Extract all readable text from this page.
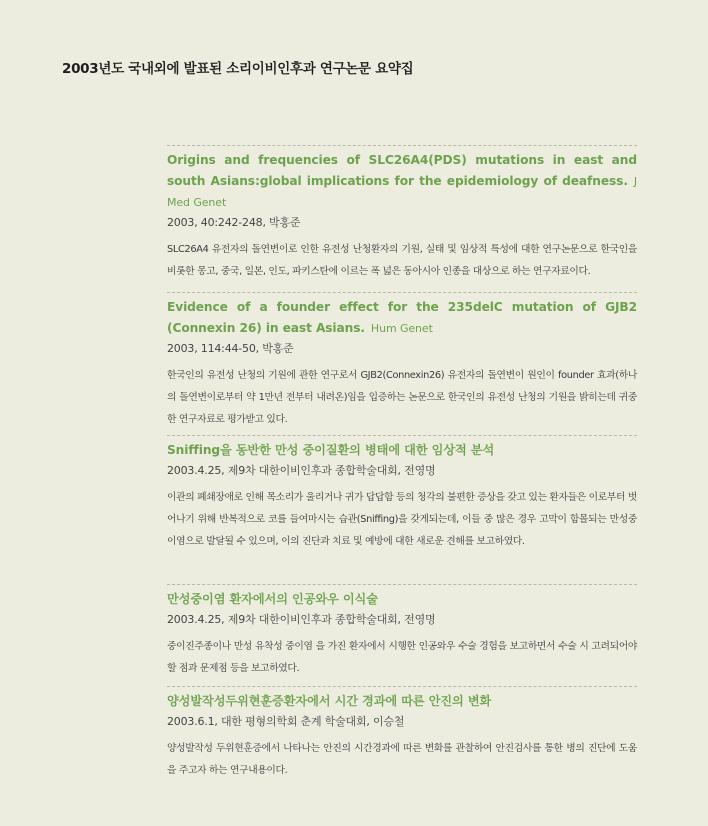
2003년도 국내외에 발표된 소리이비인후과 연구논문 요약집

Origins and frequencies of SLC26A4(PDS) mutations in east and south Asians:global implications for the epidemiology of deafness. J Med Genet

2003, 40:242-248, 박홍준

SLC26A4 유전자의 돌연변이로 인한 유전성 난청환자의 기원, 실태 및 임상적 특성에 대한 연구논문으로 한국인을 비롯한 몽고, 중국, 일본, 인도, 파키스탄에 이르는 폭 넓은 동아시아 인종을 대상으로 하는 연구자료이다.

Evidence of a founder effect for the 235delC mutation of GJB2 (Connexin 26) in east Asians. Hum Genet

2003, 114:44-50, 박홍준

한국인의 유전성 난청의 기원에 관한 연구로서 GJB2(Connexin26) 유전자의 돌연변이 원인이 founder 효과(하나의 돌연변이로부터 약 1만년 전부터 내려온)임을 입증하는 논문으로 한국인의 유전성 난청의 기원을 밝히는데 귀중한 연구자료로 평가받고 있다.

Sniffing을 동반한 만성 중이질환의 병태에 대한 임상적 분석

2003.4.25, 제9차 대한이비인후과 종합학술대회, 전영명

이관의 폐쇄장애로 인해 목소리가 울리거나 귀가 답답함 등의 청각의 불편한 증상을 갖고 있는 환자들은 이로부터 벗어나기 위해 반복적으로 코를 들여마시는 습관(Sniffing)을 갖게되는데, 이들 중 많은 경우 고막이 함몰되는 만성중이염으로 발달될 수 있으며, 이의 진단과 치료 및 예방에 대한 새로운 견해를 보고하였다.

만성중이염 환자에서의 인공와우 이식술

2003.4.25, 제9차 대한이비인후과 종합학술대회, 전영명

중이진주종이나 만성 유착성 중이염 을 가진 환자에서 시행한 인공와우 수술 경험을 보고하면서 수술 시 고려되어야 할 점과 문제점 등을 보고하였다.

양성발작성두위현훈증환자에서 시간 경과에 따른 안진의 변화

2003.6.1, 대한 평형의학회 춘계 학술대회, 이승철

양성발작성 두위현훈증에서 나타나는 안진의 시간경과에 따른 변화를 관찰하여 안진검사를 통한 병의 진단에 도움을 주고자 하는 연구내용이다.
